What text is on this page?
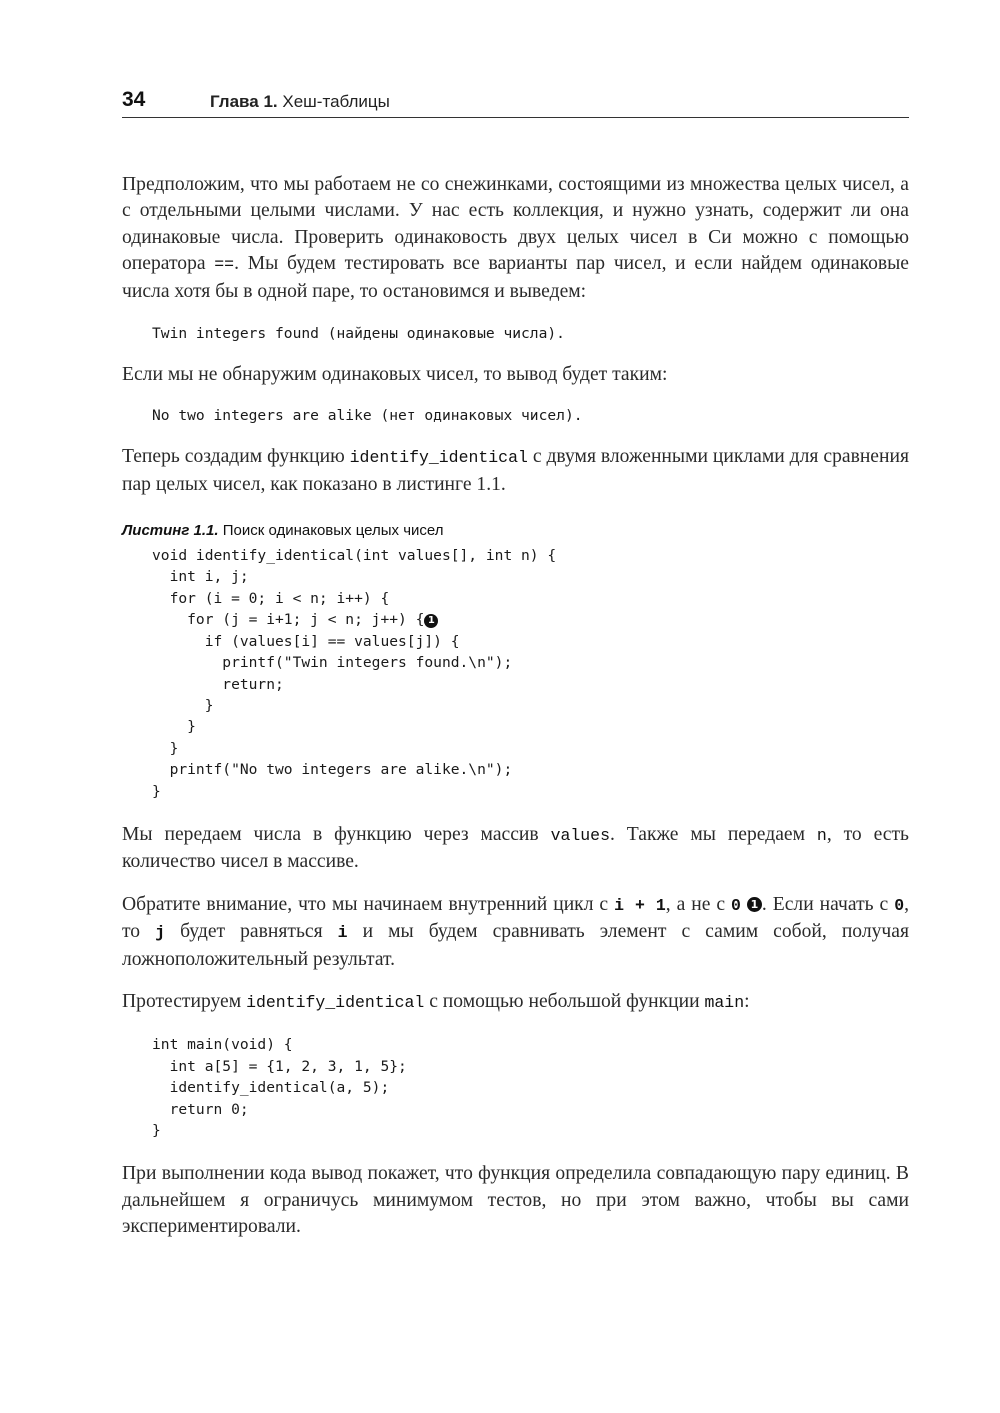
34	Глава 1. Хеш-таблицы

Предположим, что мы работаем не со снежинками, состоящими из множества целых чисел, а с отдельными целыми числами. У нас есть коллекция, и нужно узнать, содержит ли она одинаковые числа. Проверить одинаковость двух целых чисел в Си можно с помощью оператора ==. Мы будем тестировать все варианты пар чисел, и если найдем одинаковые числа хотя бы в одной паре, то остановимся и выведем:

Twin integers found (найдены одинаковые числа).

Если мы не обнаружим одинаковых чисел, то вывод будет таким:

No two integers are alike (нет одинаковых чисел).

Теперь создадим функцию identify_identical с двумя вложенными циклами для сравнения пар целых чисел, как показано в листинге 1.1.

Листинг 1.1. Поиск одинаковых целых чисел
void identify_identical(int values[], int n) {
int i, j;
for (i = 0; i < n; i++) {
for (j = i+1; j < n; j++) { 1
if (values[i] == values[j]) {
printf("Twin integers found.\n");
return;
}
}
}
printf("No two integers are alike.\n");
}

Мы передаем числа в функцию через массив values. Также мы передаем n, то есть количество чисел в массиве.

Обратите внимание, что мы начинаем внутренний цикл с i + 1, а не с 0 1 . Если начать с 0, то j будет равняться i и мы будем сравнивать элемент с самим собой, получая ложноположительный результат.

Протестируем identify_identical с помощью небольшой функции main:

int main(void) {
int a[5] = {1, 2, 3, 1, 5};
identify_identical(a, 5);
return 0;
}

При выполнении кода вывод покажет, что функция определила совпадающую пару единиц. В дальнейшем я ограничусь минимумом тестов, но при этом важно, чтобы вы сами экспериментировали.
